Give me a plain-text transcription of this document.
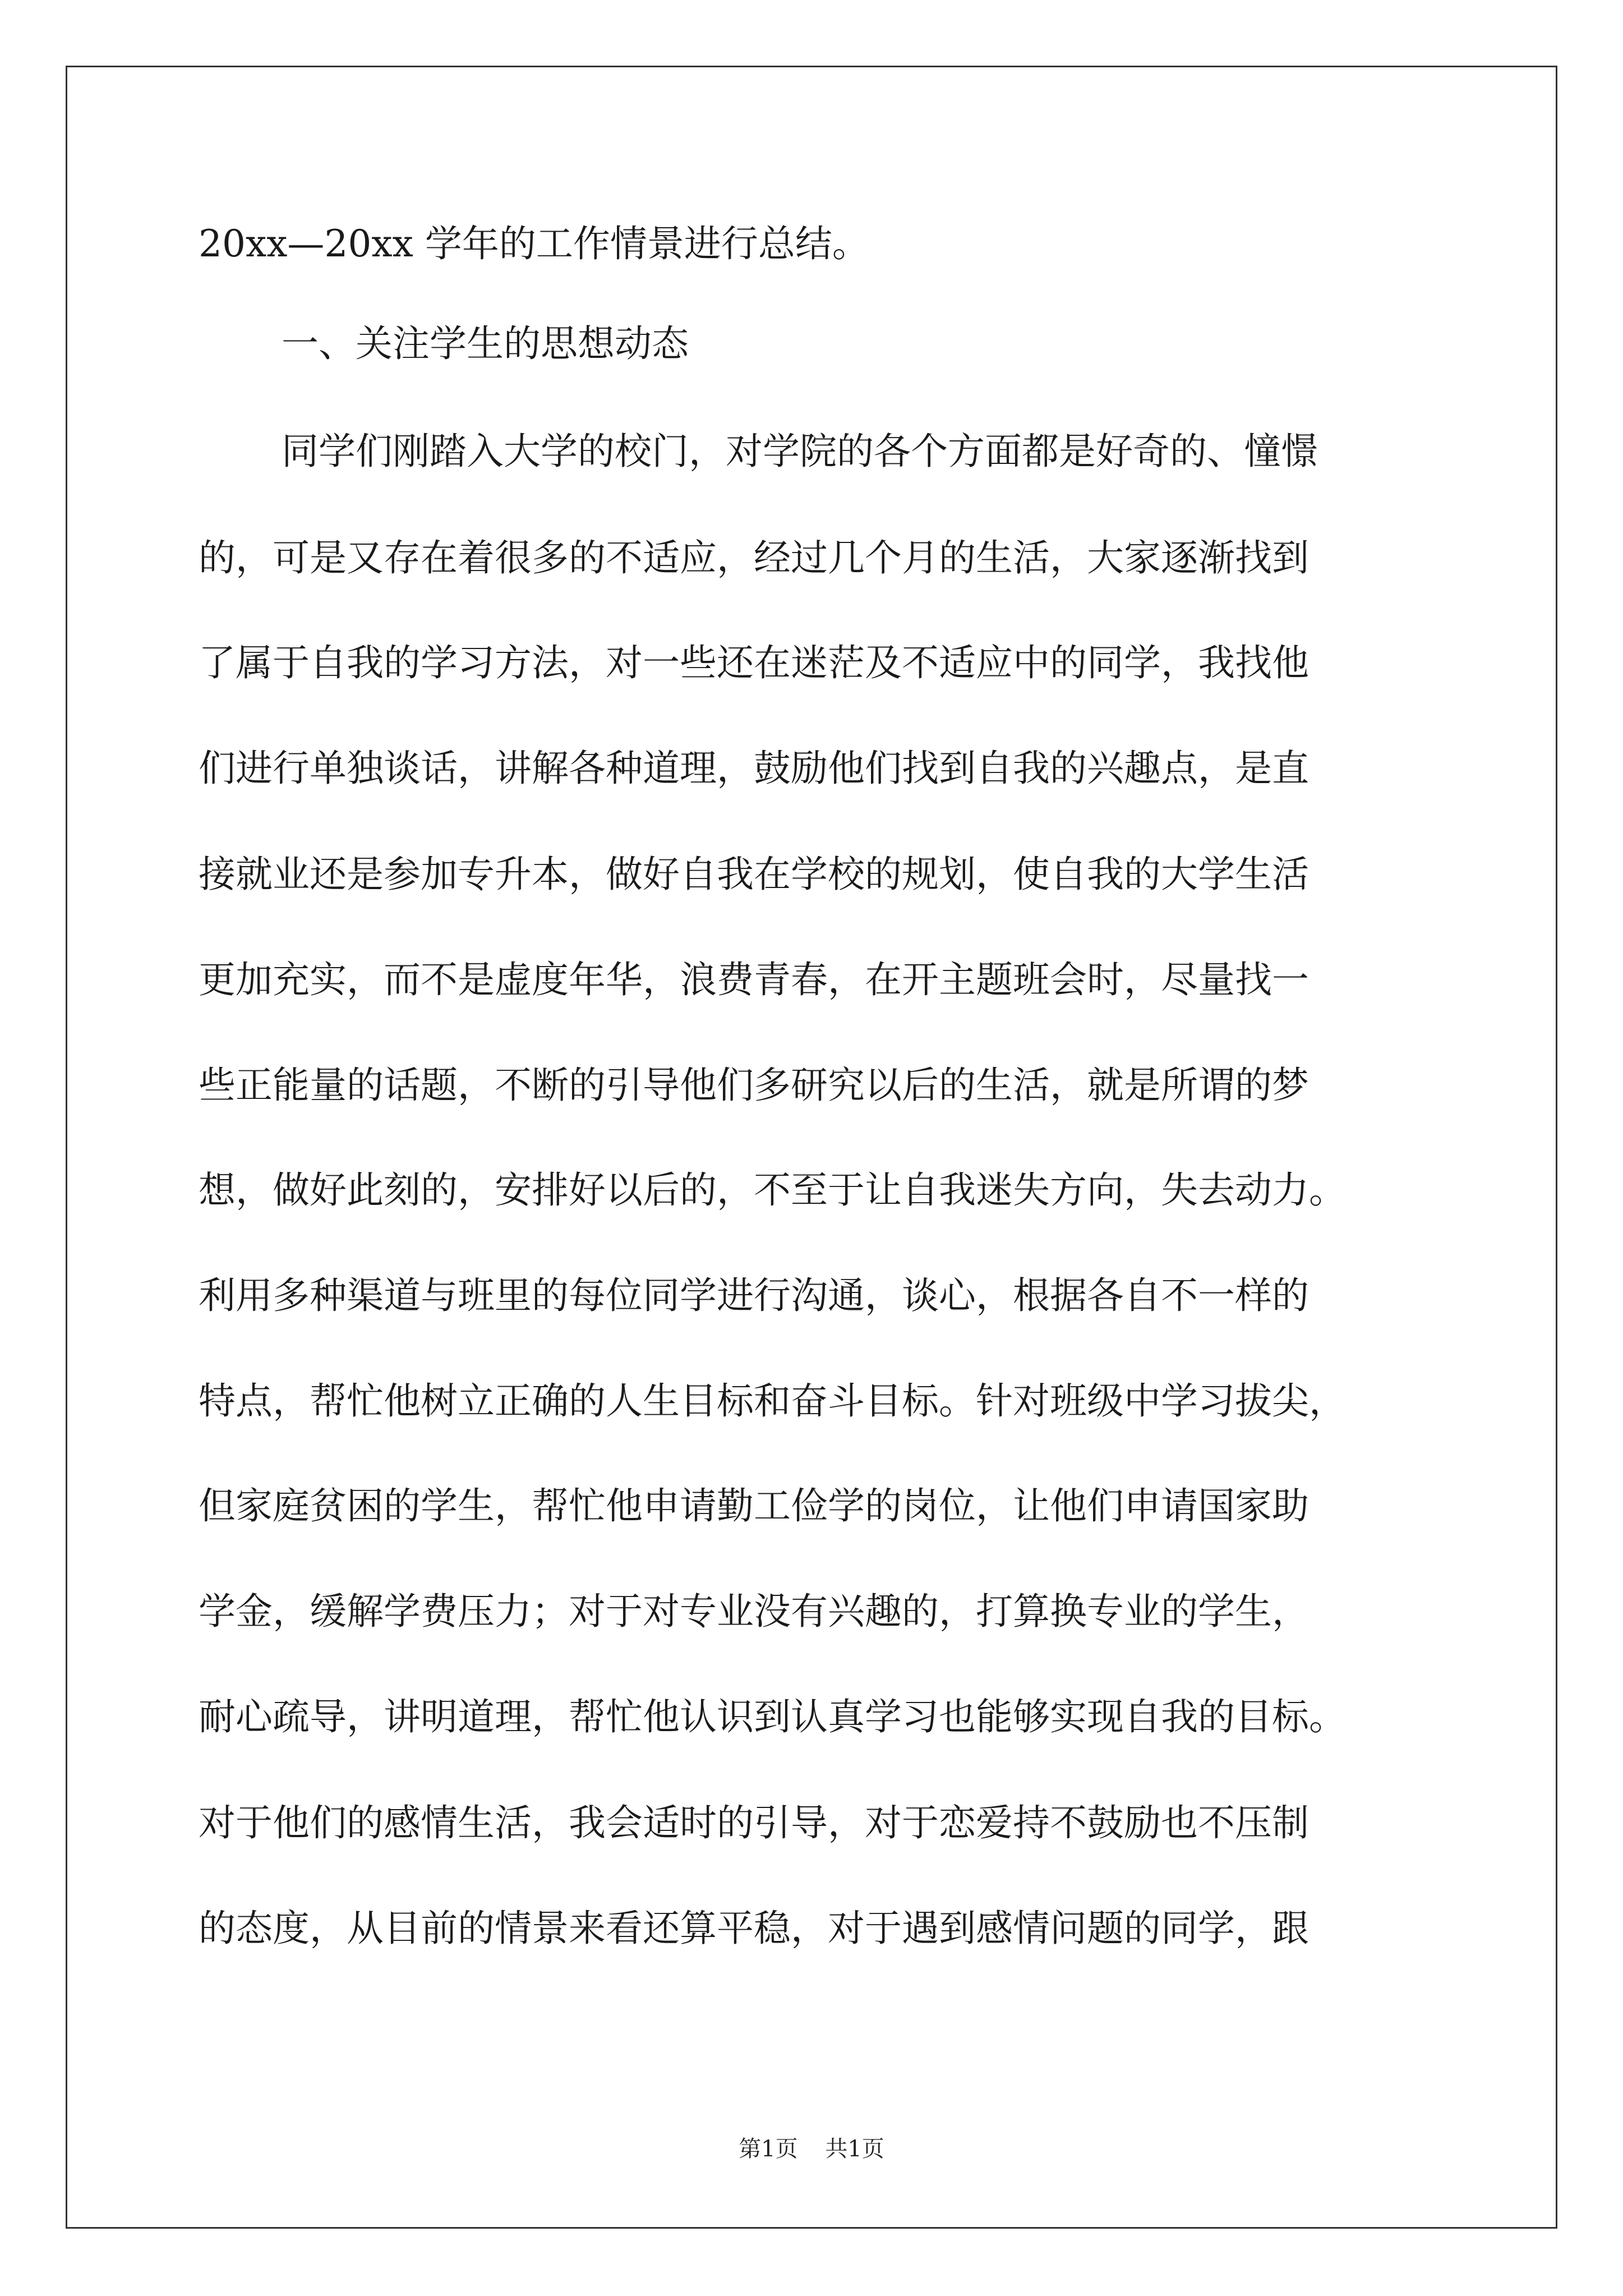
20xx—20xx 学年的工作情景进行总结。

一、关注学生的思想动态

同学们刚踏入大学的校门，对学院的各个方面都是好奇的、憧憬

的，可是又存在着很多的不适应，经过几个月的生活，大家逐渐找到

了属于自我的学习方法，对一些还在迷茫及不适应中的同学，我找他

们进行单独谈话，讲解各种道理，鼓励他们找到自我的兴趣点，是直

接就业还是参加专升本，做好自我在学校的规划，使自我的大学生活

更加充实，而不是虚度年华，浪费青春，在开主题班会时，尽量找一

些正能量的话题，不断的引导他们多研究以后的生活，就是所谓的梦

想，做好此刻的，安排好以后的，不至于让自我迷失方向，失去动力。

利用多种渠道与班里的每位同学进行沟通，谈心，根据各自不一样的

特点，帮忙他树立正确的人生目标和奋斗目标。针对班级中学习拔尖，

但家庭贫困的学生，帮忙他申请勤工俭学的岗位，让他们申请国家助

学金，缓解学费压力；对于对专业没有兴趣的，打算换专业的学生，

耐心疏导，讲明道理，帮忙他认识到认真学习也能够实现自我的目标。

对于他们的感情生活，我会适时的引导，对于恋爱持不鼓励也不压制

的态度，从目前的情景来看还算平稳，对于遇到感情问题的同学，跟

第1页 共1页
